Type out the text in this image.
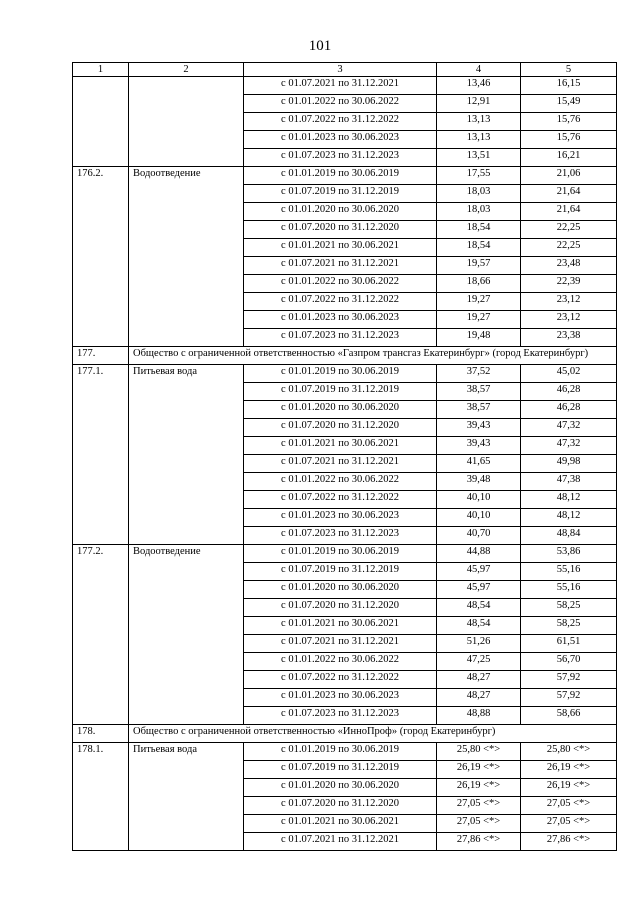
101
1	2	3	4	5
		с 01.07.2021 по 31.12.2021	13,46	16,15
		с 01.01.2022 по 30.06.2022	12,91	15,49
		с 01.07.2022 по 31.12.2022	13,13	15,76
		с 01.01.2023 по 30.06.2023	13,13	15,76
		с 01.07.2023 по 31.12.2023	13,51	16,21
176.2.	Водоотведение	с 01.01.2019 по 30.06.2019	17,55	21,06
		с 01.07.2019 по 31.12.2019	18,03	21,64
		с 01.01.2020 по 30.06.2020	18,03	21,64
		с 01.07.2020 по 31.12.2020	18,54	22,25
		с 01.01.2021 по 30.06.2021	18,54	22,25
		с 01.07.2021 по 31.12.2021	19,57	23,48
		с 01.01.2022 по 30.06.2022	18,66	22,39
		с 01.07.2022 по 31.12.2022	19,27	23,12
		с 01.01.2023 по 30.06.2023	19,27	23,12
		с 01.07.2023 по 31.12.2023	19,48	23,38
177.	Общество с ограниченной ответственностью «Газпром трансгаз Екатеринбург» (город Екатеринбург)			
177.1.	Питьевая вода	с 01.01.2019 по 30.06.2019	37,52	45,02
		с 01.07.2019 по 31.12.2019	38,57	46,28
		с 01.01.2020 по 30.06.2020	38,57	46,28
		с 01.07.2020 по 31.12.2020	39,43	47,32
		с 01.01.2021 по 30.06.2021	39,43	47,32
		с 01.07.2021 по 31.12.2021	41,65	49,98
		с 01.01.2022 по 30.06.2022	39,48	47,38
		с 01.07.2022 по 31.12.2022	40,10	48,12
		с 01.01.2023 по 30.06.2023	40,10	48,12
		с 01.07.2023 по 31.12.2023	40,70	48,84
177.2.	Водоотведение	с 01.01.2019 по 30.06.2019	44,88	53,86
		с 01.07.2019 по 31.12.2019	45,97	55,16
		с 01.01.2020 по 30.06.2020	45,97	55,16
		с 01.07.2020 по 31.12.2020	48,54	58,25
		с 01.01.2021 по 30.06.2021	48,54	58,25
		с 01.07.2021 по 31.12.2021	51,26	61,51
		с 01.01.2022 по 30.06.2022	47,25	56,70
		с 01.07.2022 по 31.12.2022	48,27	57,92
		с 01.01.2023 по 30.06.2023	48,27	57,92
		с 01.07.2023 по 31.12.2023	48,88	58,66
178.	Общество с ограниченной ответственностью «ИнноПроф» (город Екатеринбург)			
178.1.	Питьевая вода	с 01.01.2019 по 30.06.2019	25,80 <*>	25,80 <*>
		с 01.07.2019 по 31.12.2019	26,19 <*>	26,19 <*>
		с 01.01.2020 по 30.06.2020	26,19 <*>	26,19 <*>
		с 01.07.2020 по 31.12.2020	27,05 <*>	27,05 <*>
		с 01.01.2021 по 30.06.2021	27,05 <*>	27,05 <*>
		с 01.07.2021 по 31.12.2021	27,86 <*>	27,86 <*>
